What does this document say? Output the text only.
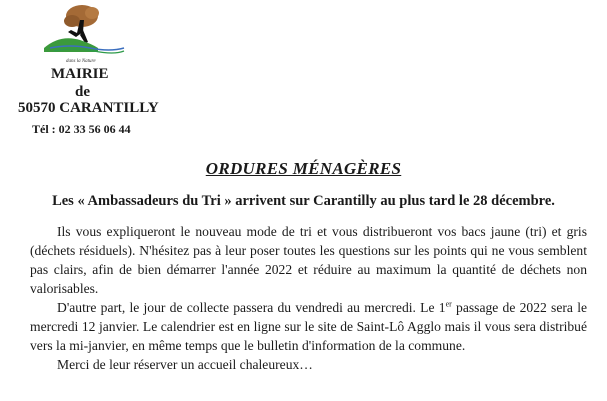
dans la Nature
MAIRIE
de
50570 CARANTILLY
Tél : 02 33 56 06 44
ORDURES MÉNAGÈRES
Les « Ambassadeurs du Tri » arrivent sur Carantilly au plus tard le 28 décembre.

Ils vous expliqueront le nouveau mode de tri et vous distribueront vos bacs jaune (tri) et gris (déchets résiduels). N'hésitez pas à leur poser toutes les questions sur les points qui ne vous semblent pas clairs, afin de bien démarrer l'année 2022 et réduire au maximum la quantité de déchets non valorisables.

D'autre part, le jour de collecte passera du vendredi au mercredi. Le 1er passage de 2022 sera le mercredi 12 janvier. Le calendrier est en ligne sur le site de Saint-Lô Agglo mais il vous sera distribué vers la mi-janvier, en même temps que le bulletin d'information de la commune.

Merci de leur réserver un accueil chaleureux…
